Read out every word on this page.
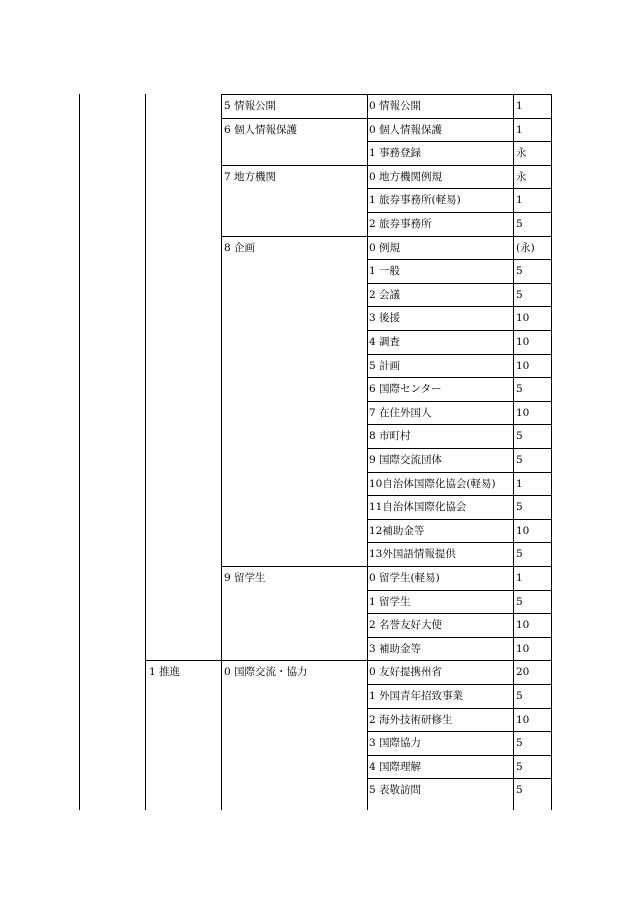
5 情報公開	0 情報公開	1
6 個人情報保護	0 個人情報保護	1
1 事務登録	永
7 地方機関	0 地方機関例規	永
1 旅券事務所(軽易)	1
2 旅券事務所	5
8 企画	0 例規	(永)
1 一般	5
2 会議	5
3 後援	10
4 調査	10
5 計画	10
6 国際センター	5
7 在住外国人	10
8 市町村	5
9 国際交流団体	5
10自治体国際化協会(軽易) 1
11自治体国際化協会	5
12補助金等	10
13外国語情報提供	5
9 留学生	0 留学生(軽易)	1
1 留学生	5
2 名誉友好大使	10
3 補助金等	10
1 推進	0 国際交流・協力	0 友好提携州省	20
1 外国青年招致事業	5
2 海外技術研修生	10
3 国際協力	5
4 国際理解	5
5 表敬訪問	5
